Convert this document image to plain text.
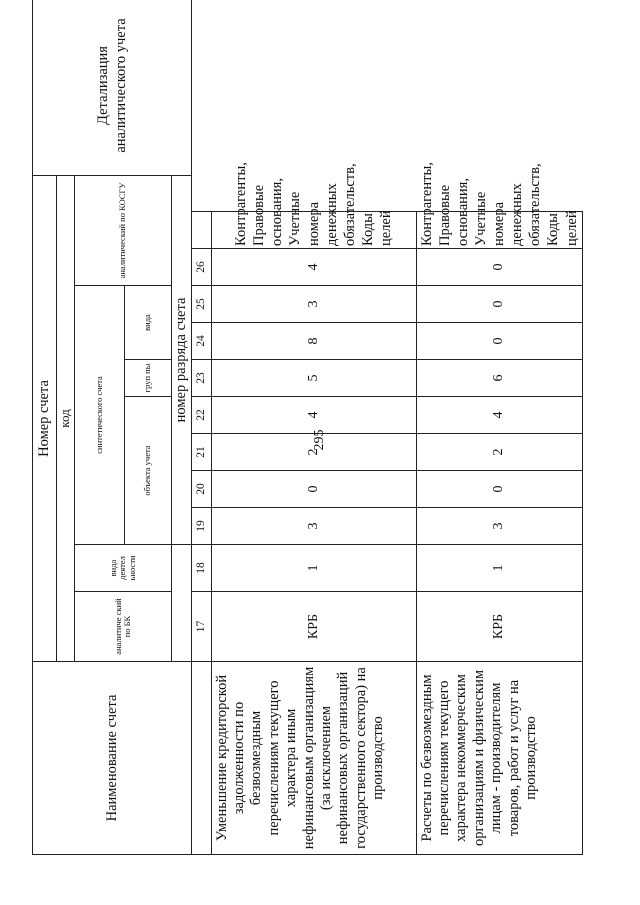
295
Наименование счета	Номер счета											Детализация аналитического учета
	код											
	аналитиче ский по БК	вида деятел ьности	синтетического счета							аналитический по КОСГУ		
			объекта учета				груп пы	вида				
			номер разряда счета									
	17	18	19	20	21	22	23	24	25	26		
Уменьшение кредиторской задолженности по безвозмездным перечислениям текущего характера иным нефинансовым организациям (за исключением нефинансовых организаций государственного сектора) на производство	КРБ	1	3	0	2	4	5	8	3	4	Контрагенты, Правовые основания, Учетные номера денежных обязательств, Коды целей	
Расчеты по безвозмездным перечислениям текущего характера некоммерческим организациям и физическим лицам - производителям товаров, работ и услуг на производство	КРБ	1	3	0	2	4	6	0	0	0	Контрагенты, Правовые основания, Учетные номера денежных обязательств, Коды целей	
